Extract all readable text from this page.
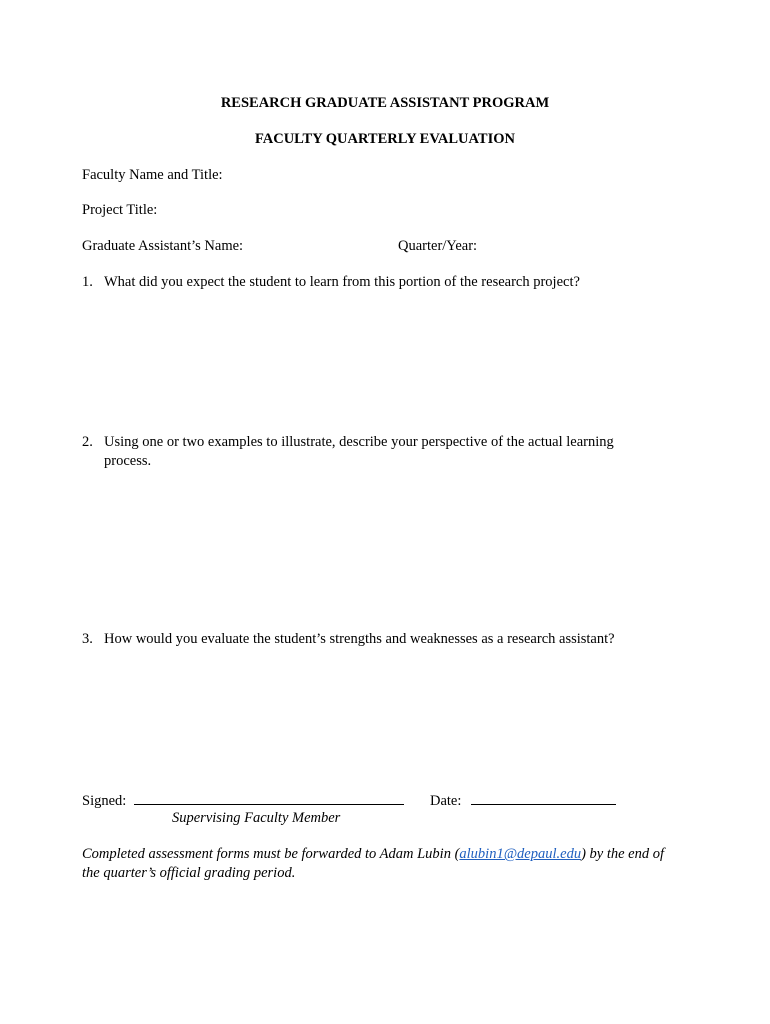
RESEARCH GRADUATE ASSISTANT PROGRAM
FACULTY QUARTERLY EVALUATION
Faculty Name and Title:
Project Title:
Graduate Assistant’s Name:	Quarter/Year:
1. What did you expect the student to learn from this portion of the research project?
2. Using one or two examples to illustrate, describe your perspective of the actual learning process.
3. How would you evaluate the student’s strengths and weaknesses as a research assistant?
Signed:	Date:
Supervising Faculty Member
Completed assessment forms must be forwarded to Adam Lubin (alubin1@depaul.edu) by the end of the quarter’s official grading period.
